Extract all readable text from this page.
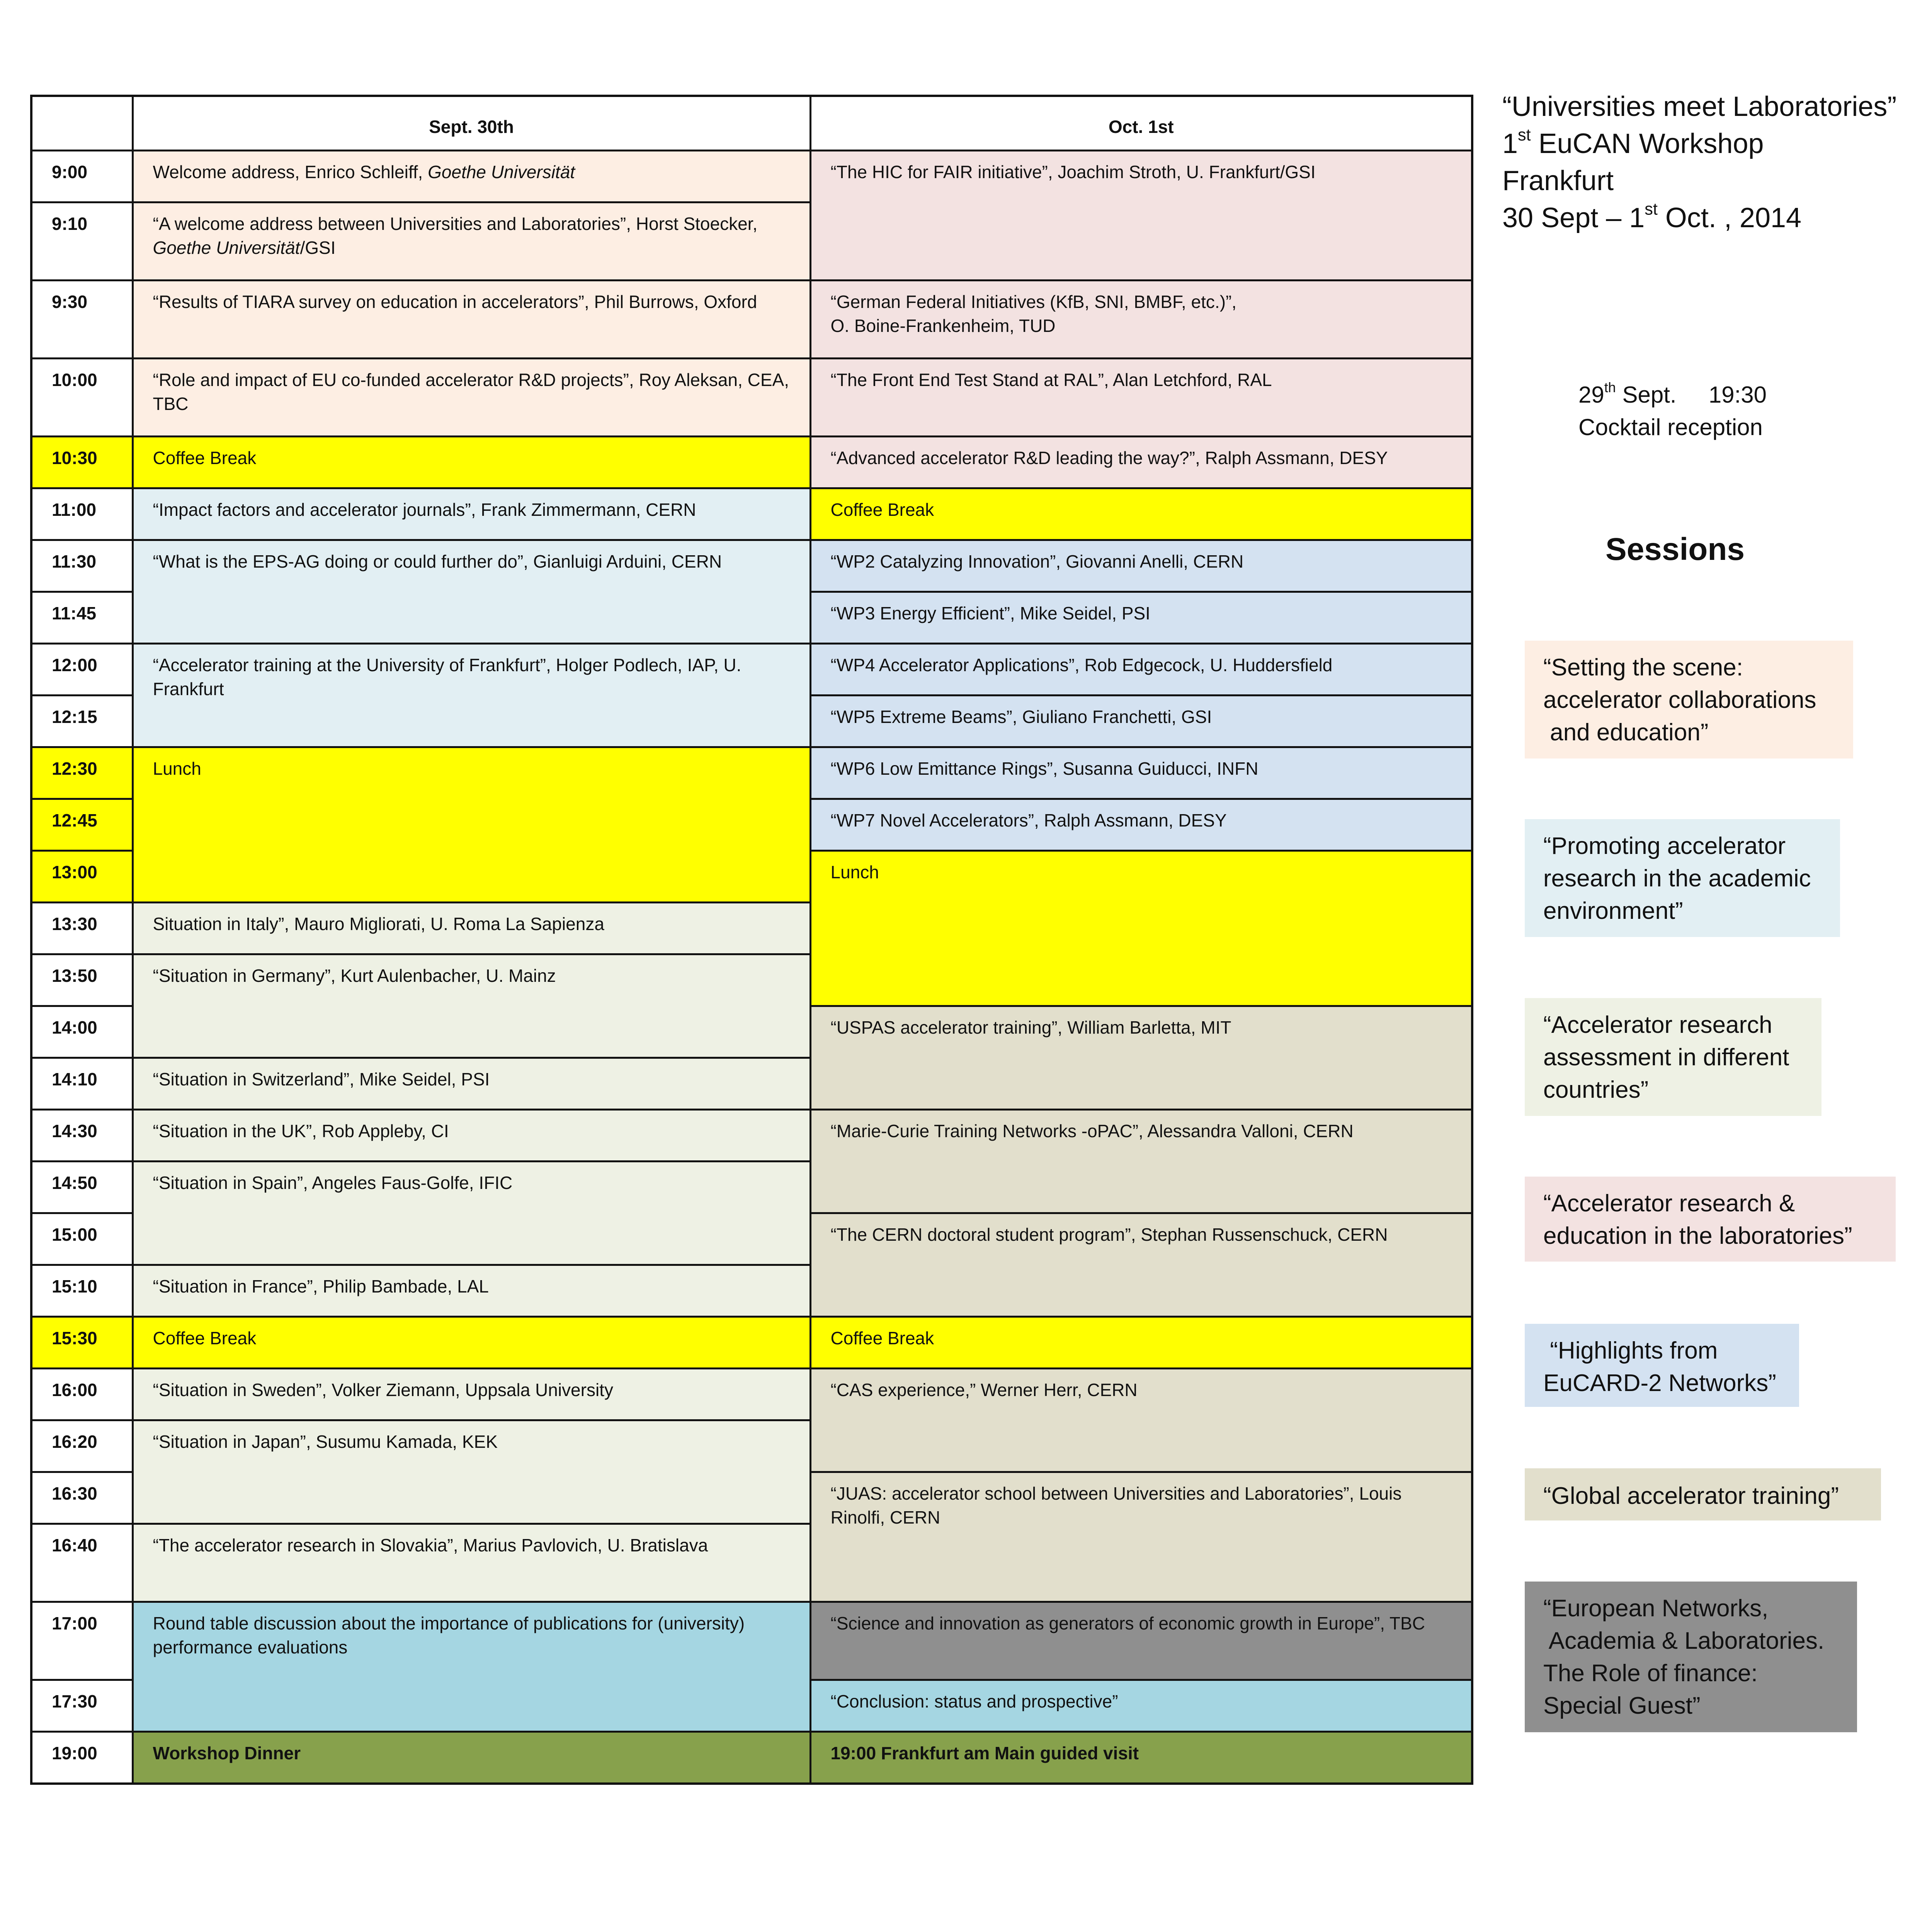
“Universities meet Laboratories”
1st EuCAN Workshop
Frankfurt
30 Sept – 1st Oct. , 2014
29th Sept.     19:30
Cocktail reception
Sessions
“Setting the scene:
accelerator collaborations
and education”
“Promoting accelerator
research in the academic
environment”
“Accelerator research
assessment in different
countries”
“Accelerator research &
education in the laboratories”
“Highlights from
EuCARD-2 Networks”
“Global accelerator training”
“European Networks,
Academia & Laboratories.
The Role of finance:
Special Guest”
	Sept. 30th	Oct. 1st
9:00	Welcome address, Enrico Schleiff, Goethe Universität	“The HIC for FAIR initiative”, Joachim Stroth, U. Frankfurt/GSI
9:10	“A welcome address between Universities and Laboratories”, Horst Stoecker, Goethe Universität/GSI	
9:30	“Results of TIARA survey on education in accelerators”, Phil Burrows, Oxford	“German Federal Initiatives (KfB, SNI, BMBF, etc.)”,
O. Boine-Frankenheim, TUD

10:00	“Role and impact of EU co-funded accelerator R&D projects”, Roy Aleksan, CEA, TBC	“The Front End Test Stand at RAL”, Alan Letchford, RAL
10:30	Coffee Break	“Advanced accelerator R&D leading the way?”, Ralph Assmann, DESY
11:00	“Impact factors and accelerator journals”, Frank Zimmermann, CERN	Coffee Break
11:30	“What is the EPS-AG doing or could further do”, Gianluigi Arduini, CERN	“WP2 Catalyzing Innovation”, Giovanni Anelli, CERN
11:45		“WP3 Energy Efficient”, Mike Seidel, PSI
12:00	“Accelerator training at the University of Frankfurt”, Holger Podlech, IAP, U. Frankfurt	“WP4 Accelerator Applications”, Rob Edgecock, U. Huddersfield
12:15		“WP5 Extreme Beams”, Giuliano Franchetti, GSI
12:30	Lunch	“WP6 Low Emittance Rings”, Susanna Guiducci, INFN
12:45		“WP7 Novel Accelerators”, Ralph Assmann, DESY
13:00		Lunch
13:30	Situation in Italy”, Mauro Migliorati, U. Roma La Sapienza	
13:50	“Situation in Germany”, Kurt Aulenbacher, U. Mainz	
14:00		“USPAS accelerator training”, William Barletta, MIT
14:10	“Situation in Switzerland”, Mike Seidel, PSI	
14:30	“Situation in the UK”, Rob Appleby, CI	“Marie-Curie Training Networks -oPAC”, Alessandra Valloni, CERN
14:50	“Situation in Spain”, Angeles Faus-Golfe, IFIC	
15:00		“The CERN doctoral student program”, Stephan Russenschuck, CERN
15:10	“Situation in France”, Philip Bambade, LAL	
15:30	Coffee Break	Coffee Break
16:00	“Situation in Sweden”, Volker Ziemann, Uppsala University	“CAS experience,” Werner Herr, CERN
16:20	“Situation in Japan”, Susumu Kamada, KEK	
16:30		“JUAS: accelerator school between Universities and Laboratories”, Louis Rinolfi, CERN
16:40	“The accelerator research in Slovakia”, Marius Pavlovich, U. Bratislava	
17:00	Round table discussion about the importance of publications for (university) performance evaluations	“Science and innovation as generators of economic growth in Europe”, TBC
17:30		“Conclusion: status and prospective”
19:00	Workshop Dinner	19:00 Frankfurt am Main guided visit
